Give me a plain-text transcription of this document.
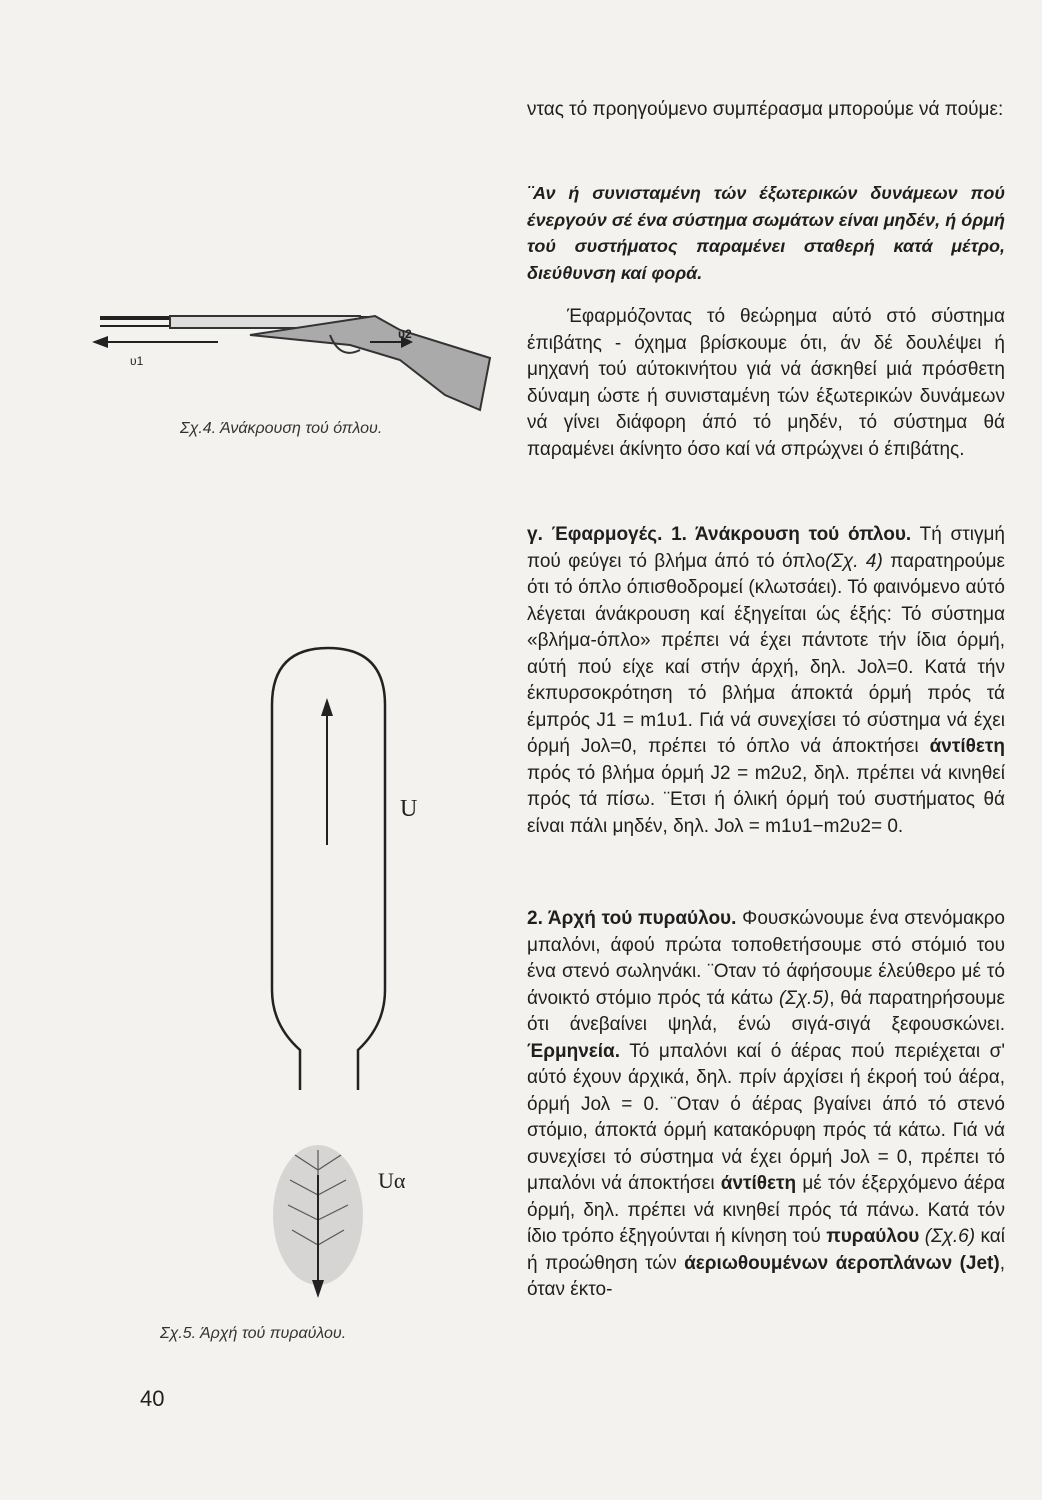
υ1
υ2
U
Uα
Σχ.4. Άνάκρουση τού όπλου.
Σχ.5. Άρχή τού πυραύλου.

ντας τό προηγούμενο συμπέρασμα μπορούμε νά πούμε:

¨Αν ή συνισταμένη τών έξωτερικών δυνάμεων πού ένεργούν σέ ένα σύστημα σωμάτων είναι μηδέν, ή όρμή τού συστήματος παραμένει σταθερή κατά μέτρο, διεύθυνση καί φορά.

Έφαρμόζοντας τό θεώρημα αύτό στό σύστημα έπιβάτης - όχημα βρίσκουμε ότι, άν δέ δουλέψει ή μηχανή τού αύτοκινήτου γιά νά άσκηθεί μιά πρόσθετη δύναμη ώστε ή συνισταμένη τών έξωτερικών δυνάμεων νά γίνει διάφορη άπό τό μηδέν, τό σύστημα θά παραμένει άκίνητο όσο καί νά σπρώχνει ό έπιβάτης.

γ. Έφαρμογές. 1. Άνάκρουση τού όπλου. Τή στιγμή πού φεύγει τό βλήμα άπό τό όπλο(Σχ. 4) παρατηρούμε ότι τό όπλο όπισθοδρομεί (κλωτσάει). Τό φαινόμενο αύτό λέγεται άνάκρουση καί έξηγείται ώς έξής: Τό σύστημα «βλήμα-όπλο» πρέπει νά έχει πάντοτε τήν ίδια όρμή, αύτή πού είχε καί στήν άρχή, δηλ. Jολ=0. Κατά τήν έκπυρσοκρότηση τό βλήμα άποκτά όρμή πρός τά έμπρός J1 = m1υ1. Γιά νά συνεχίσει τό σύστημα νά έχει όρμή Jολ=0, πρέπει τό όπλο νά άποκτήσει άντίθετη πρός τό βλήμα όρμή J2 = m2υ2, δηλ. πρέπει νά κινηθεί πρός τά πίσω. ¨Ετσι ή όλική όρμή τού συστήματος θά είναι πάλι μηδέν, δηλ. Jολ = m1υ1−m2υ2= 0.

2. Άρχή τού πυραύλου. Φουσκώνουμε ένα στενόμακρο μπαλόνι, άφού πρώτα τοποθετήσουμε στό στόμιό του ένα στενό σωληνάκι. ¨Οταν τό άφήσουμε έλεύθερο μέ τό άνοικτό στόμιο πρός τά κάτω (Σχ.5), θά παρατηρήσουμε ότι άνεβαίνει ψηλά, ένώ σιγά-σιγά ξεφουσκώνει. Έρμηνεία. Τό μπαλόνι καί ό άέρας πού περιέχεται σ' αύτό έχουν άρχικά, δηλ. πρίν άρχίσει ή έκροή τού άέρα, όρμή Jολ = 0. ¨Οταν ό άέρας βγαίνει άπό τό στενό στόμιο, άποκτά όρμή κατακόρυφη πρός τά κάτω. Γιά νά συνεχίσει τό σύστημα νά έχει όρμή Jολ = 0, πρέπει τό μπαλόνι νά άποκτήσει άντίθετη μέ τόν έξερχόμενο άέρα όρμή, δηλ. πρέπει νά κινηθεί πρός τά πάνω. Κατά τόν ίδιο τρόπο έξηγούνται ή κίνηση τού πυραύλου (Σχ.6) καί ή προώθηση τών άεριωθουμένων άεροπλάνων (Jet), όταν έκτο-

40
